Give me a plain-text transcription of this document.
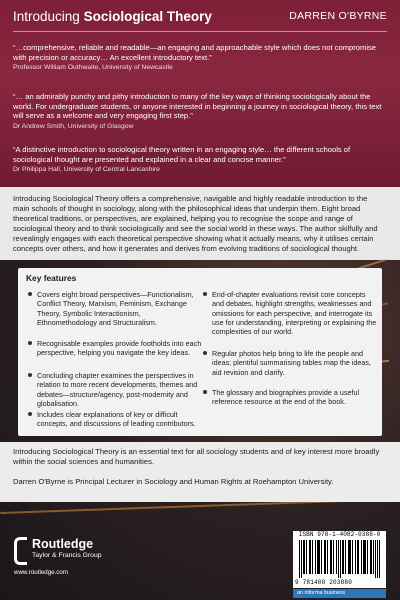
Introducing Sociological Theory	DARREN O'BYRNE
“…comprehensive, reliable and readable—an engaging and approachable style which does not compromise with precision or accuracy… An excellent introductory text.”
Professor William Outhwaite, University of Newcastle
“… an admirably punchy and pithy introduction to many of the key ways of thinking sociologically about the world. For undergraduate students, or anyone interested in beginning a journey in sociological theory, this text will serve as a welcome and very engaging first step.”
Dr Andrew Smith, University of Glasgow
“A distinctive introduction to sociological theory written in an engaging style… the different schools of sociological thought are presented and explained in a clear and concise manner.”
Dr Philippa Hall, University of Central Lancashire

Introducing Sociological Theory offers a comprehensive, navigable and highly readable introduction to the main schools of thought in sociology, along with the philosophical ideas that underpin them. Eight broad theoretical traditions, or perspectives, are explained, helping you to recognise the scope and range of sociological theory and to think sociologically and see the social world in these ways. The author skilfully and revealingly engages with each theoretical perspective showing what it actually means, why it utilises certain concepts over others, and how it generates and derives from evolving traditions of sociological thought.

Key features
Covers eight broad perspectives—Functionalism, Conflict Theory, Marxism, Feminism, Exchange Theory, Symbolic Interactionism, Ethnomethodology and Structuralism.
Recognisable examples provide footholds into each perspective, helping you navigate the key ideas.
Concluding chapter examines the perspectives in relation to more recent developments, themes and debates—structure/agency, post-modernity and globalisation.
Includes clear explanations of key or difficult concepts, and discussions of leading contributors.
End-of-chapter evaluations revisit core concepts and debates, highlight strengths, weaknesses and omissions for each perspective, and interrogate its use for understanding, interpreting or explaining the complexities of our world.
Regular photos help bring to life the people and ideas; plentiful summarising tables map the ideas, aid revision and clarify.
The glossary and biographies provide a useful reference resource at the end of the book.

Introducing Sociological Theory is an essential text for all sociology students and of key interest more broadly within the social sciences and humanities.

Darren O'Byrne is Principal Lecturer in Sociology and Human Rights at Roehampton University.

Routledge
Taylor & Francis Group
www.routledge.com
ISBN 978-1-4082-0388-0
9 781408 203880
an informa business
